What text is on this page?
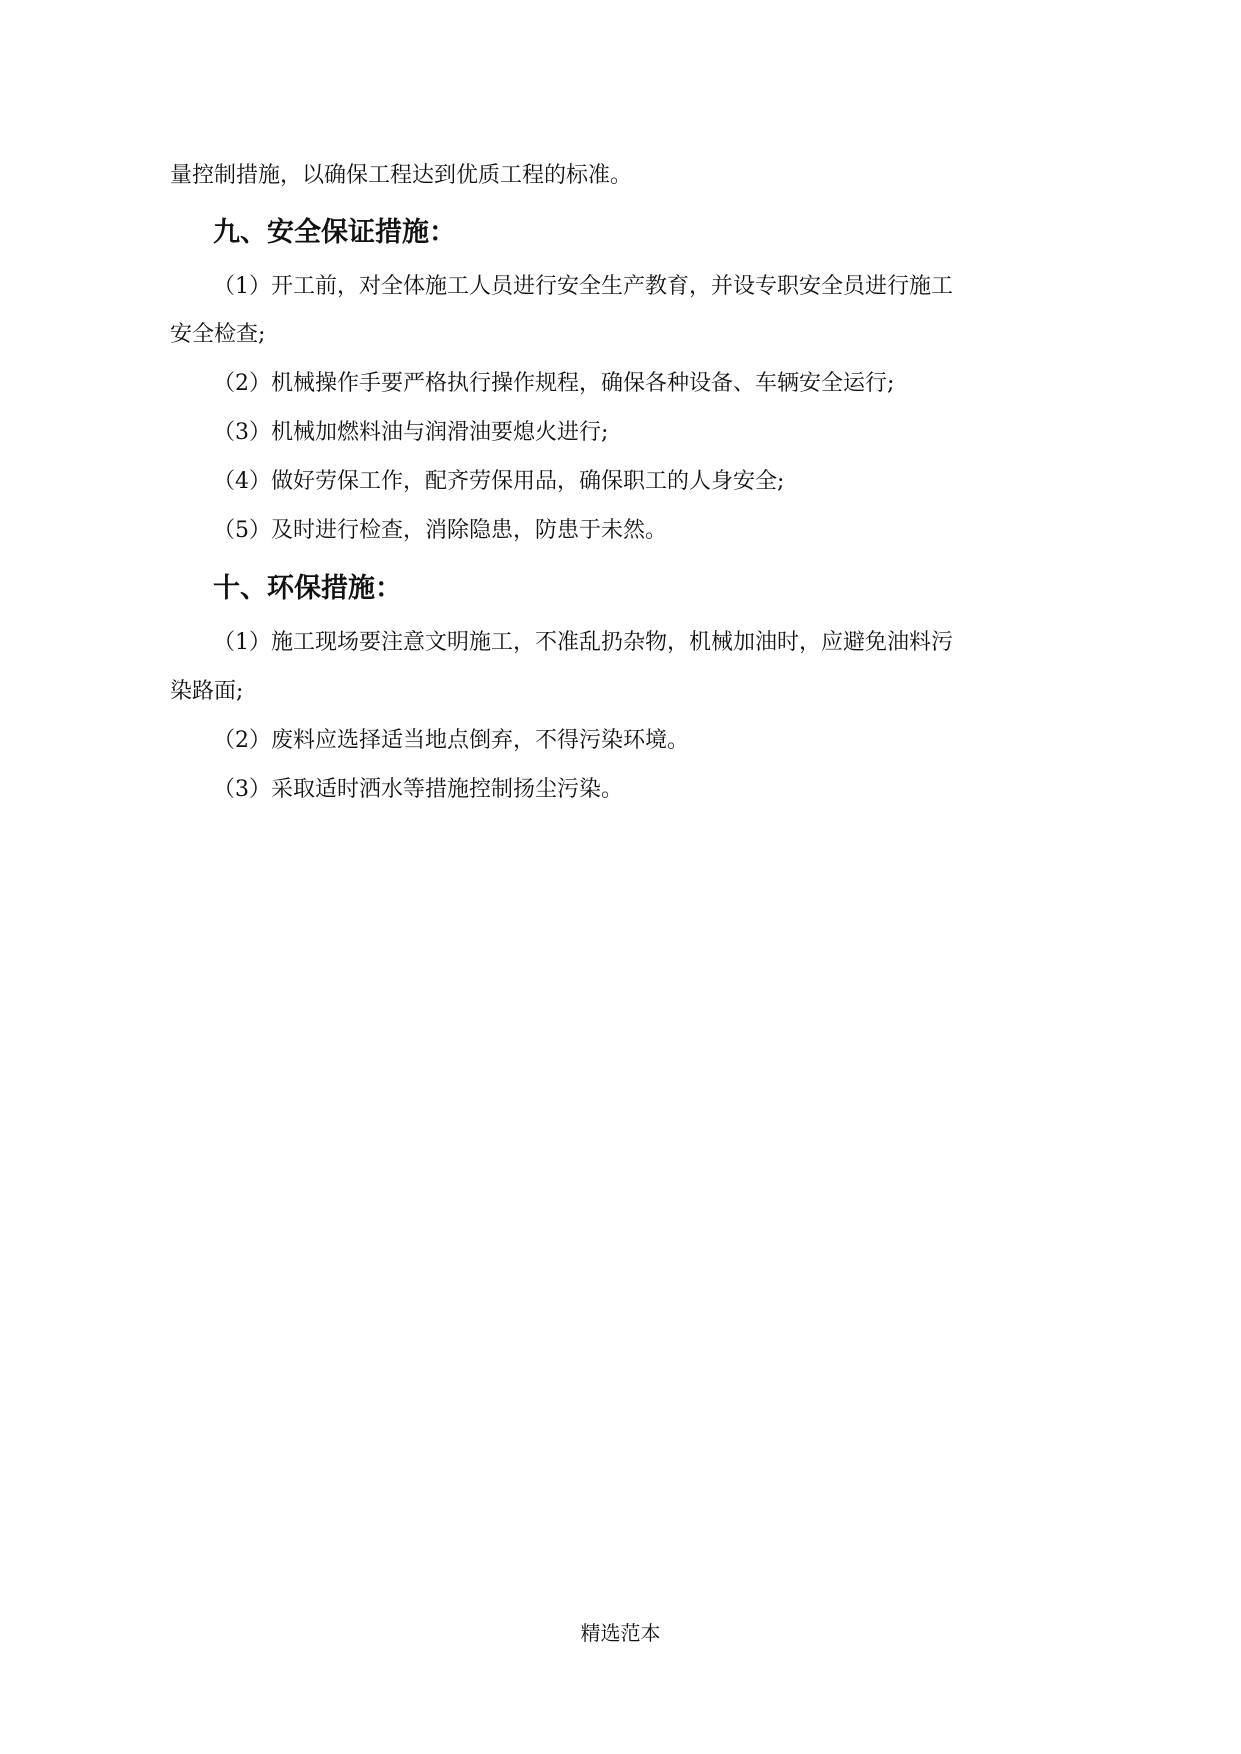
量控制措施，以确保工程达到优质工程的标准。
九、安全保证措施：
（1）开工前，对全体施工人员进行安全生产教育，并设专职安全员进行施工
安全检查;
（2）机械操作手要严格执行操作规程，确保各种设备、车辆安全运行;
（3）机械加燃料油与润滑油要熄火进行;
（4）做好劳保工作，配齐劳保用品，确保职工的人身安全;
（5）及时进行检查，消除隐患，防患于未然。
十、环保措施：
（1）施工现场要注意文明施工，不准乱扔杂物，机械加油时，应避免油料污
染路面;
（2）废料应选择适当地点倒弃，不得污染环境。
（3）采取适时洒水等措施控制扬尘污染。
精选范本
